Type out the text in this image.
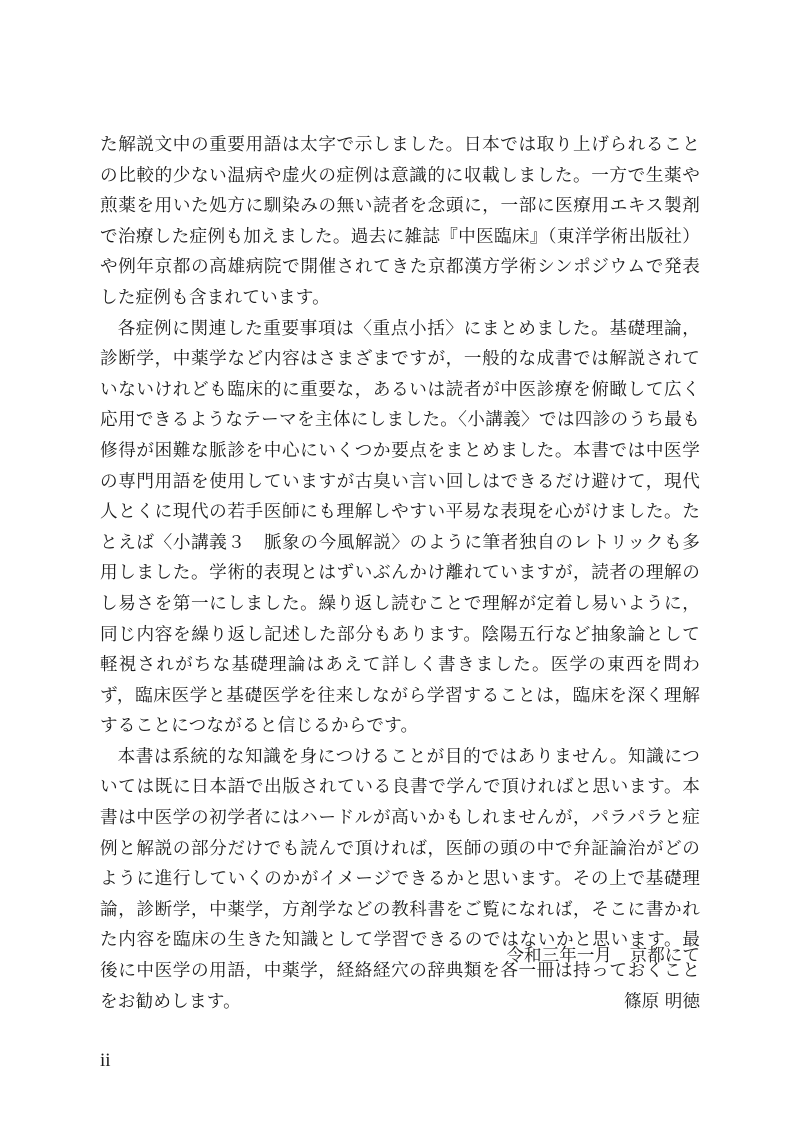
た解説文中の重要用語は太字で示しました。日本では取り上げられることの比較的少ない温病や虚火の症例は意識的に収載しました。一方で生薬や煎薬を用いた処方に馴染みの無い読者を念頭に，一部に医療用エキス製剤で治療した症例も加えました。過去に雑誌『中医臨床』（東洋学術出版社）や例年京都の高雄病院で開催されてきた京都漢方学術シンポジウムで発表した症例も含まれています。

各症例に関連した重要事項は〈重点小括〉にまとめました。基礎理論，診断学，中薬学など内容はさまざまですが，一般的な成書では解説されていないけれども臨床的に重要な，あるいは読者が中医診療を俯瞰して広く応用できるようなテーマを主体にしました。〈小講義〉では四診のうち最も修得が困難な脈診を中心にいくつか要点をまとめました。本書では中医学の専門用語を使用していますが古臭い言い回しはできるだけ避けて，現代人とくに現代の若手医師にも理解しやすい平易な表現を心がけました。たとえば〈小講義３　脈象の今風解説〉のように筆者独自のレトリックも多用しました。学術的表現とはずいぶんかけ離れていますが，読者の理解のし易さを第一にしました。繰り返し読むことで理解が定着し易いように，同じ内容を繰り返し記述した部分もあります。陰陽五行など抽象論として軽視されがちな基礎理論はあえて詳しく書きました。医学の東西を問わず，臨床医学と基礎医学を往来しながら学習することは，臨床を深く理解することにつながると信じるからです。

本書は系統的な知識を身につけることが目的ではありません。知識については既に日本語で出版されている良書で学んで頂ければと思います。本書は中医学の初学者にはハードルが高いかもしれませんが，パラパラと症例と解説の部分だけでも読んで頂ければ，医師の頭の中で弁証論治がどのように進行していくのかがイメージできるかと思います。その上で基礎理論，診断学，中薬学，方剤学などの教科書をご覧になれば，そこに書かれた内容を臨床の生きた知識として学習できるのではないかと思います。最後に中医学の用語，中薬学，経絡経穴の辞典類を各一冊は持っておくことをお勧めします。

令和三年一月　京都にて
篠原 明徳
ii
